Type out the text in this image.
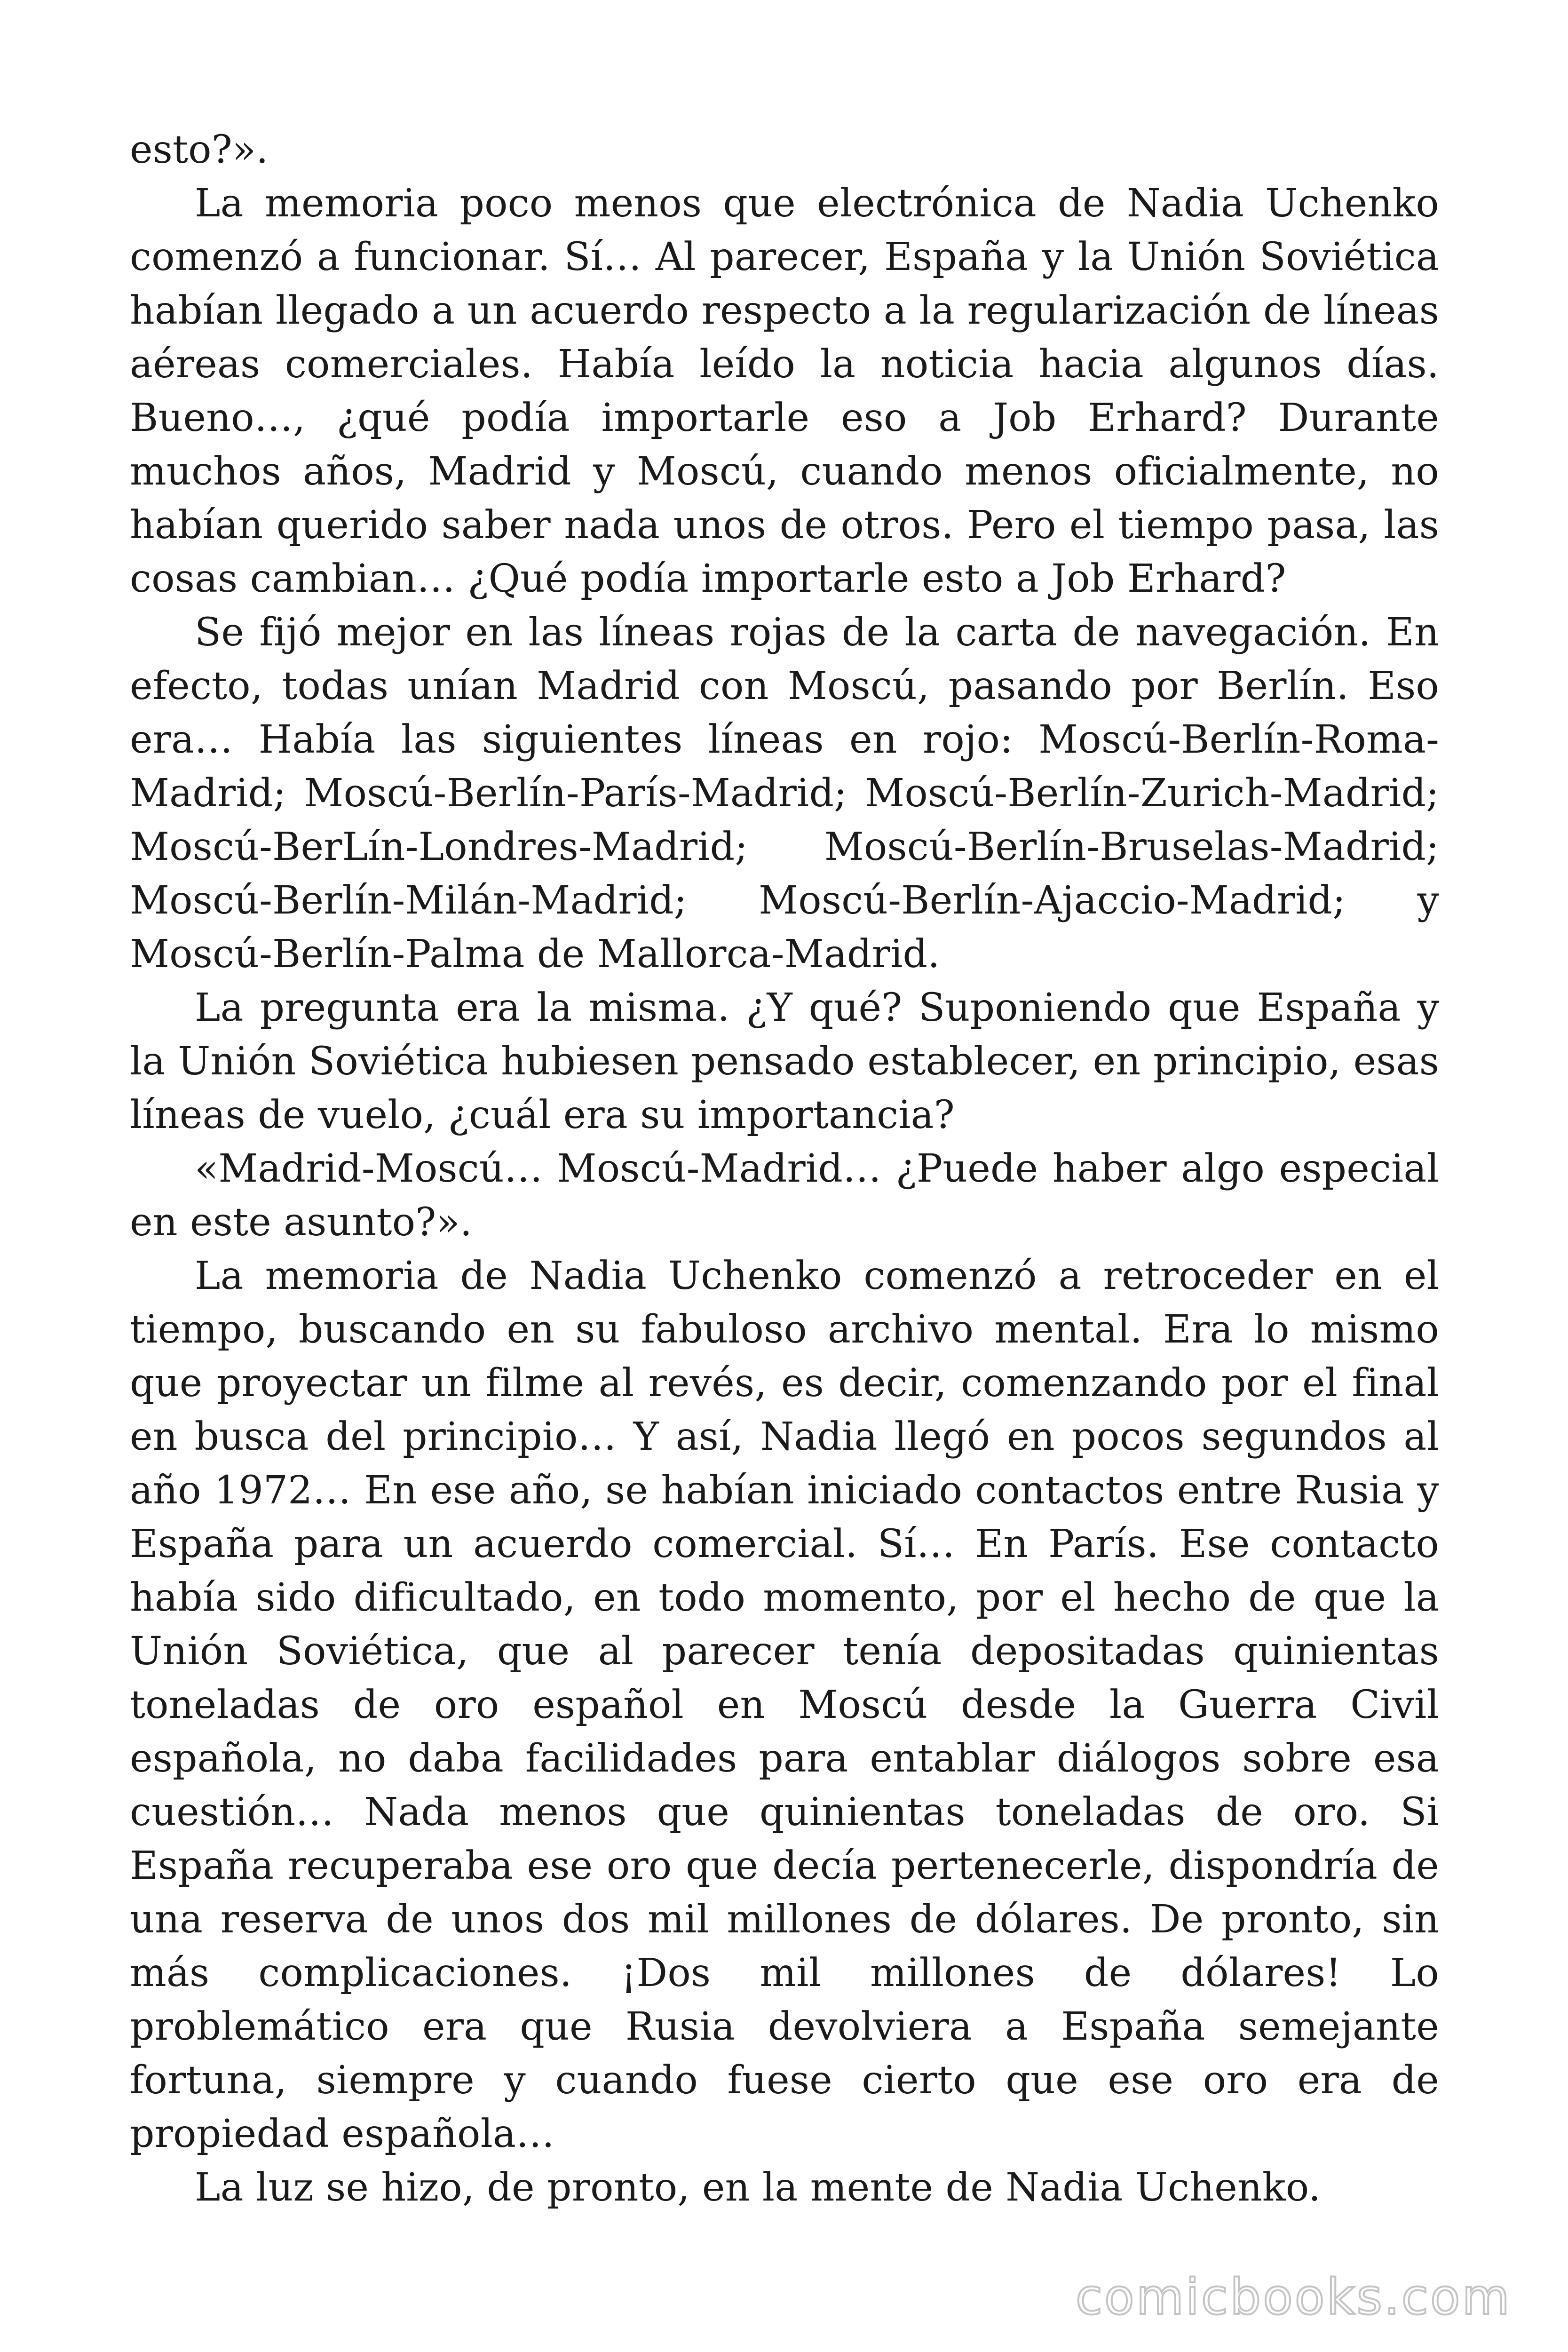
esto?».

La memoria poco menos que electrónica de Nadia Uchenko comenzó a funcionar. Sí… Al parecer, España y la Unión Soviética habían llegado a un acuerdo respecto a la regularización de líneas aéreas comerciales. Había leído la noticia hacia algunos días. Bueno…, ¿qué podía importarle eso a Job Erhard? Durante muchos años, Madrid y Moscú, cuando menos oficialmente, no habían querido saber nada unos de otros. Pero el tiempo pasa, las cosas cambian… ¿Qué podía importarle esto a Job Erhard?

Se fijó mejor en las líneas rojas de la carta de navegación. En efecto, todas unían Madrid con Moscú, pasando por Berlín. Eso era… Había las siguientes líneas en rojo: Moscú-Berlín-Roma-Madrid; Moscú-Berlín-París-Madrid; Moscú-Berlín-Zurich-Madrid; Moscú-BerLín-Londres-Madrid; Moscú-Berlín-Bruselas-Madrid; Moscú-Berlín-Milán-Madrid; Moscú-Berlín-Ajaccio-Madrid; y Moscú-Berlín-Palma de Mallorca-Madrid.

La pregunta era la misma. ¿Y qué? Suponiendo que España y la Unión Soviética hubiesen pensado establecer, en principio, esas líneas de vuelo, ¿cuál era su importancia?

«Madrid-Moscú… Moscú-Madrid… ¿Puede haber algo especial en este asunto?».

La memoria de Nadia Uchenko comenzó a retroceder en el tiempo, buscando en su fabuloso archivo mental. Era lo mismo que proyectar un filme al revés, es decir, comenzando por el final en busca del principio… Y así, Nadia llegó en pocos segundos al año 1972… En ese año, se habían iniciado contactos entre Rusia y España para un acuerdo comercial. Sí… En París. Ese contacto había sido dificultado, en todo momento, por el hecho de que la Unión Soviética, que al parecer tenía depositadas quinientas toneladas de oro español en Moscú desde la Guerra Civil española, no daba facilidades para entablar diálogos sobre esa cuestión… Nada menos que quinientas toneladas de oro. Si España recuperaba ese oro que decía pertenecerle, dispondría de una reserva de unos dos mil millones de dólares. De pronto, sin más complicaciones. ¡Dos mil millones de dólares! Lo problemático era que Rusia devolviera a España semejante fortuna, siempre y cuando fuese cierto que ese oro era de propiedad española…

La luz se hizo, de pronto, en la mente de Nadia Uchenko.

comicbooks.com
